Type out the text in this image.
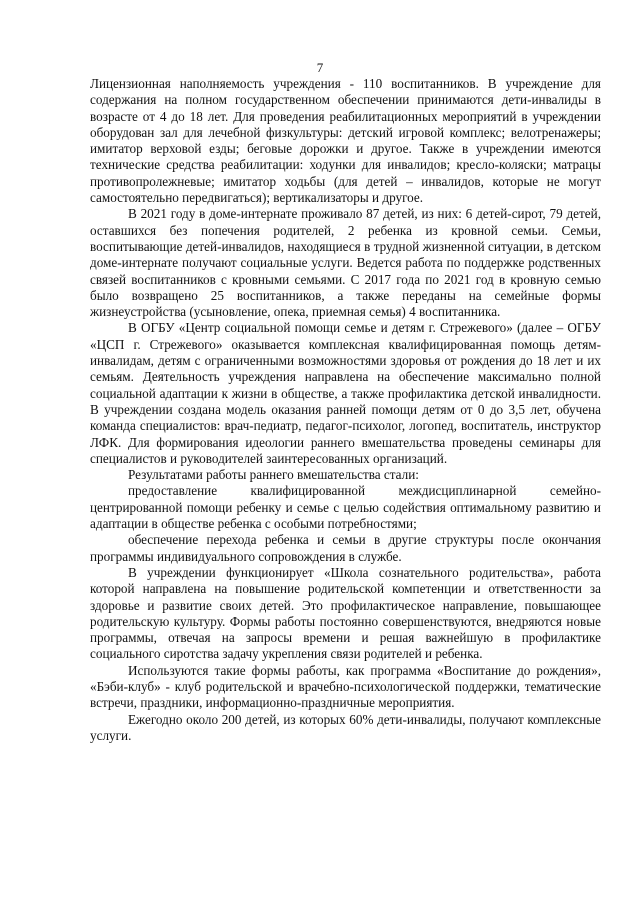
7

Лицензионная наполняемость учреждения - 110 воспитанников. В учреждение для содержания на полном государственном обеспечении принимаются дети-инвалиды в возрасте от 4 до 18 лет. Для проведения реабилитационных мероприятий в учреждении оборудован зал для лечебной физкультуры: детский игровой комплекс; велотренажеры; имитатор верховой езды; беговые дорожки и другое. Также в учреждении имеются технические средства реабилитации: ходунки для инвалидов; кресло-коляски; матрацы противопролежневые; имитатор ходьбы (для детей – инвалидов, которые не могут самостоятельно передвигаться); вертикализаторы и другое.

В 2021 году в доме-интернате проживало 87 детей, из них: 6 детей-сирот, 79 детей, оставшихся без попечения родителей, 2 ребенка из кровной семьи. Семьи, воспитывающие детей-инвалидов, находящиеся в трудной жизненной ситуации, в детском доме-интернате получают социальные услуги. Ведется работа по поддержке родственных связей воспитанников с кровными семьями. С 2017 года по 2021 год в кровную семью было возвращено 25 воспитанников, а также переданы на семейные формы жизнеустройства (усыновление, опека, приемная семья) 4 воспитанника.

В ОГБУ «Центр социальной помощи семье и детям г. Стрежевого» (далее – ОГБУ «ЦСП г. Стрежевого» оказывается комплексная квалифицированная помощь детям-инвалидам, детям с ограниченными возможностями здоровья от рождения до 18 лет и их семьям. Деятельность учреждения направлена на обеспечение максимально полной социальной адаптации к жизни в обществе, а также профилактика детской инвалидности. В учреждении создана модель оказания ранней помощи детям от 0 до 3,5 лет, обучена команда специалистов: врач-педиатр, педагог-психолог, логопед, воспитатель, инструктор ЛФК. Для формирования идеологии раннего вмешательства проведены семинары для специалистов и руководителей заинтересованных организаций.

Результатами работы раннего вмешательства стали:

предоставление квалифицированной междисциплинарной семейно-центрированной помощи ребенку и семье с целью содействия оптимальному развитию и адаптации в обществе ребенка с особыми потребностями;

обеспечение перехода ребенка и семьи в другие структуры после окончания программы индивидуального сопровождения в службе.

В учреждении функционирует «Школа сознательного родительства», работа которой направлена на повышение родительской компетенции и ответственности за здоровье и развитие своих детей. Это профилактическое направление, повышающее родительскую культуру. Формы работы постоянно совершенствуются, внедряются новые программы, отвечая на запросы времени и решая важнейшую в профилактике социального сиротства задачу укрепления связи родителей и ребенка.

Используются такие формы работы, как программа «Воспитание до рождения», «Бэби-клуб» - клуб родительской и врачебно-психологической поддержки, тематические встречи, праздники, информационно-праздничные мероприятия.

Ежегодно около 200 детей, из которых 60% дети-инвалиды, получают комплексные услуги.
